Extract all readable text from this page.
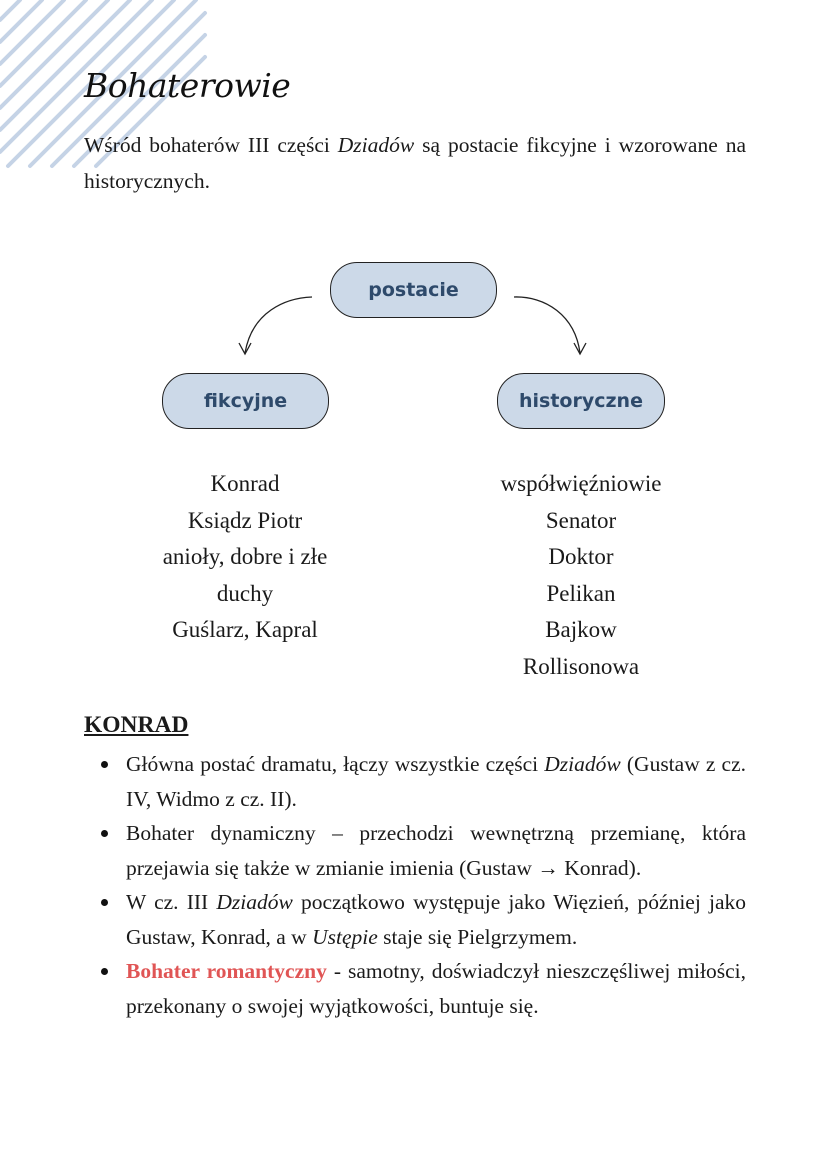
Bohaterowie

Wśród bohaterów III części Dziadów są postacie fikcyjne i wzorowane na historycznych.

postacie
fikcyjne	historyczne
Konrad
Ksiądz Piotr
anioły, dobre i złe
duchy
Guślarz, Kapral
współwięźniowie
Senator
Doktor
Pelikan
Bajkow
Rollisonowa
KONRAD
Główna postać dramatu, łączy wszystkie części Dziadów (Gustaw z cz. IV, Widmo z cz. II).
Bohater dynamiczny – przechodzi wewnętrzną przemianę, która przejawia się także w zmianie imienia (Gustaw → Konrad).
W cz. III Dziadów początkowo występuje jako Więzień, później jako Gustaw, Konrad, a w Ustępie staje się Pielgrzymem.
Bohater romantyczny - samotny, doświadczył nieszczęśliwej miłości, przekonany o swojej wyjątkowości, buntuje się.
